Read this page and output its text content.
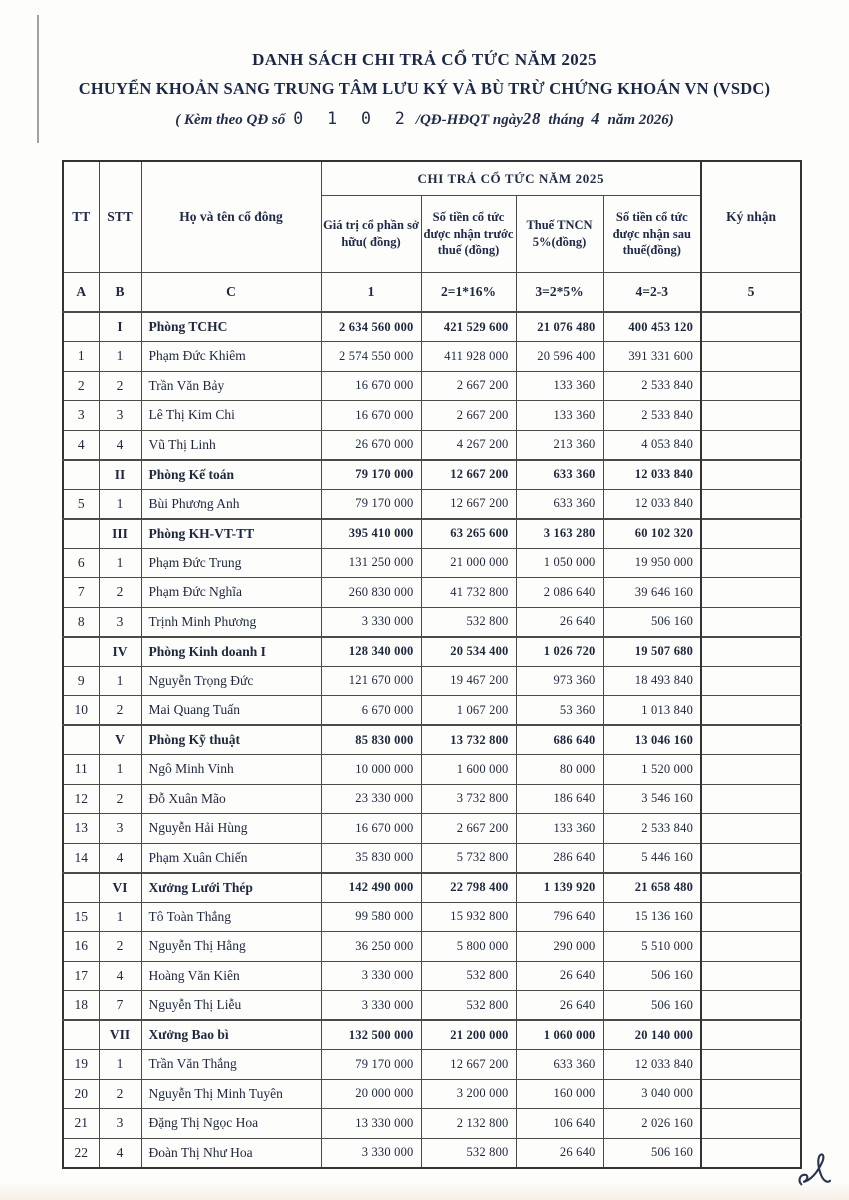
DANH SÁCH CHI TRẢ CỔ TỨC NĂM 2025
CHUYỂN KHOẢN SANG TRUNG TÂM LƯU KÝ VÀ BÙ TRỪ CHỨNG KHOÁN VN (VSDC)
( Kèm theo QĐ số 0 1 0 2 /QĐ-HĐQT ngày28 tháng 4 năm 2026)
TT	STT	Họ và tên cổ đông	CHI TRẢ CỔ TỨC NĂM 2025				Ký nhận
			Giá trị cổ phần sở hữu( đồng)	Số tiền cổ tức được nhận trước thuế (đồng)	Thuế TNCN 5%(đồng)	Số tiền cổ tức được nhận sau thuế(đồng)	
A	B	C	1	2=1*16%	3=2*5%	4=2-3	5
	I	Phòng TCHC	2 634 560 000	421 529 600	21 076 480	400 453 120	
1	1	Phạm Đức Khiêm	2 574 550 000	411 928 000	20 596 400	391 331 600	
2	2	Trần Văn Bảy	16 670 000	2 667 200	133 360	2 533 840	
3	3	Lê Thị Kim Chi	16 670 000	2 667 200	133 360	2 533 840	
4	4	Vũ Thị Linh	26 670 000	4 267 200	213 360	4 053 840	
	II	Phòng Kế toán	79 170 000	12 667 200	633 360	12 033 840	
5	1	Bùi Phương Anh	79 170 000	12 667 200	633 360	12 033 840	
	III	Phòng KH-VT-TT	395 410 000	63 265 600	3 163 280	60 102 320	
6	1	Phạm Đức Trung	131 250 000	21 000 000	1 050 000	19 950 000	
7	2	Phạm Đức Nghĩa	260 830 000	41 732 800	2 086 640	39 646 160	
8	3	Trịnh Minh Phương	3 330 000	532 800	26 640	506 160	
	IV	Phòng Kinh doanh I	128 340 000	20 534 400	1 026 720	19 507 680	
9	1	Nguyễn Trọng Đức	121 670 000	19 467 200	973 360	18 493 840	
10	2	Mai Quang Tuấn	6 670 000	1 067 200	53 360	1 013 840	
	V	Phòng Kỹ thuật	85 830 000	13 732 800	686 640	13 046 160	
11	1	Ngô Minh Vinh	10 000 000	1 600 000	80 000	1 520 000	
12	2	Đỗ Xuân Mão	23 330 000	3 732 800	186 640	3 546 160	
13	3	Nguyễn Hải Hùng	16 670 000	2 667 200	133 360	2 533 840	
14	4	Phạm Xuân Chiến	35 830 000	5 732 800	286 640	5 446 160	
	VI	Xưởng Lưới Thép	142 490 000	22 798 400	1 139 920	21 658 480	
15	1	Tô Toàn Thắng	99 580 000	15 932 800	796 640	15 136 160	
16	2	Nguyễn Thị Hằng	36 250 000	5 800 000	290 000	5 510 000	
17	4	Hoàng Văn Kiên	3 330 000	532 800	26 640	506 160	
18	7	Nguyễn Thị Liễu	3 330 000	532 800	26 640	506 160	
	VII	Xưởng Bao bì	132 500 000	21 200 000	1 060 000	20 140 000	
19	1	Trần Văn Thắng	79 170 000	12 667 200	633 360	12 033 840	
20	2	Nguyễn Thị Minh Tuyên	20 000 000	3 200 000	160 000	3 040 000	
21	3	Đặng Thị Ngọc Hoa	13 330 000	2 132 800	106 640	2 026 160	
22	4	Đoàn Thị Như Hoa	3 330 000	532 800	26 640	506 160	
